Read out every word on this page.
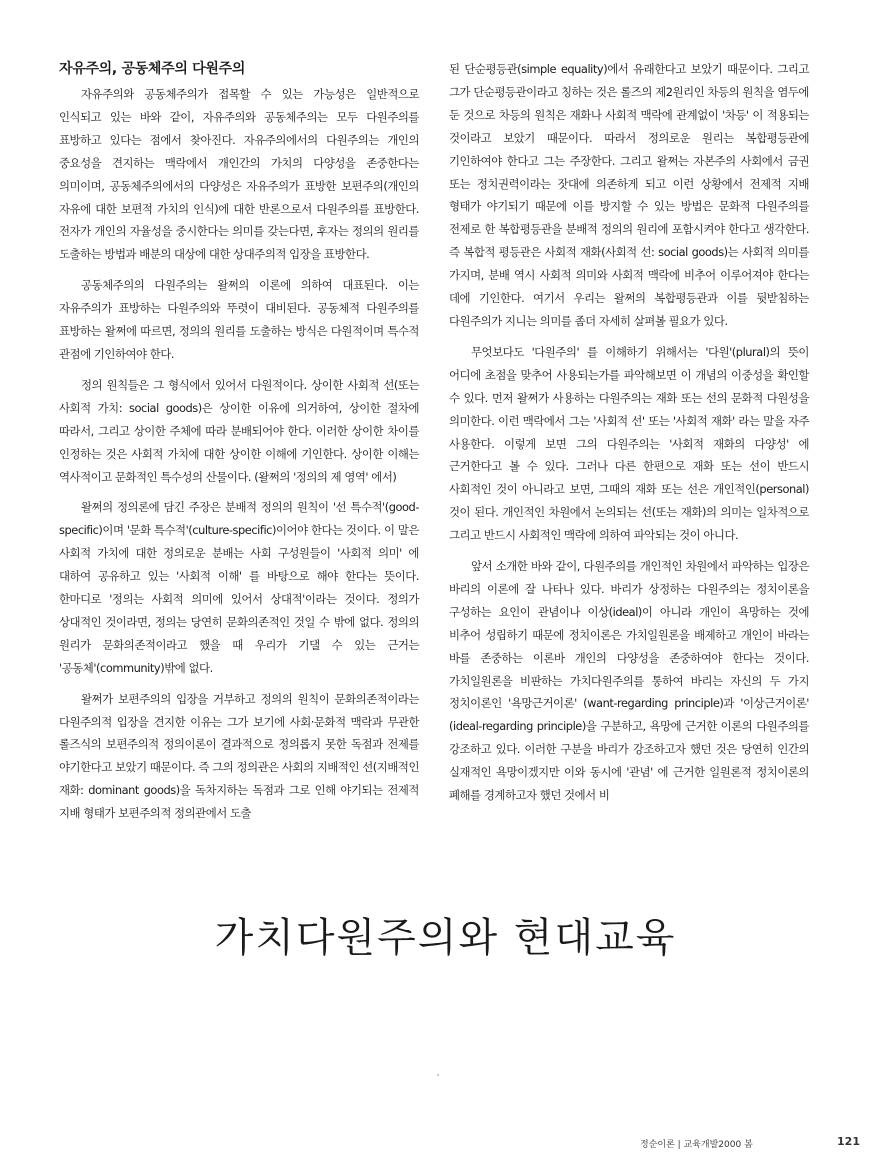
자유주의, 공동체주의 다원주의

자유주의와 공동체주의가 접목할 수 있는 가능성은 일반적으로 인식되고 있는 바와 같이, 자유주의와 공동체주의는 모두 다원주의를 표방하고 있다는 점에서 찾아진다. 자유주의에서의 다원주의는 개인의 중요성을 견지하는 맥락에서 개인간의 가치의 다양성을 존중한다는 의미이며, 공동체주의에서의 다양성은 자유주의가 표방한 보편주의(개인의 자유에 대한 보편적 가치의 인식)에 대한 반론으로서 다원주의를 표방한다. 전자가 개인의 자율성을 중시한다는 의미를 갖는다면, 후자는 정의의 원리를 도출하는 방법과 배분의 대상에 대한 상대주의적 입장을 표방한다.

공동체주의의 다원주의는 왈쩌의 이론에 의하여 대표된다. 이는 자유주의가 표방하는 다원주의와 뚜렷이 대비된다. 공동체적 다원주의를 표방하는 왈쩌에 따르면, 정의의 원리를 도출하는 방식은 다원적이며 특수적 관점에 기인하여야 한다.

정의 원칙들은 그 형식에서 있어서 다원적이다. 상이한 사회적 선(또는 사회적 가치: social goods)은 상이한 이유에 의거하여, 상이한 절차에 따라서, 그리고 상이한 주체에 따라 분배되어야 한다. 이러한 상이한 차이를 인정하는 것은 사회적 가치에 대한 상이한 이해에 기인한다. 상이한 이해는 역사적이고 문화적인 특수성의 산물이다. (왈쩌의 '정의의 제 영역' 에서)

왈쩌의 정의론에 담긴 주장은 분배적 정의의 원칙이 '선 특수적'(good-specific)이며 '문화 특수적'(culture-specific)이어야 한다는 것이다. 이 말은 사회적 가치에 대한 정의로운 분배는 사회 구성원들이 '사회적 의미' 에 대하여 공유하고 있는 '사회적 이해' 를 바탕으로 해야 한다는 뜻이다. 한마디로 '정의는 사회적 의미에 있어서 상대적'이라는 것이다. 정의가 상대적인 것이라면, 정의는 당연히 문화의존적인 것일 수 밖에 없다. 정의의 원리가 문화의존적이라고 했을 때 우리가 기댈 수 있는 근거는 '공동체'(community)밖에 없다.

왈쩌가 보편주의의 입장을 거부하고 정의의 원칙이 문화의존적이라는 다원주의적 입장을 견지한 이유는 그가 보기에 사회·문화적 맥락과 무관한 롤즈식의 보편주의적 정의이론이 결과적으로 정의롭지 못한 독점과 전제를 야기한다고 보았기 때문이다. 즉 그의 정의관은 사회의 지배적인 선(지배적인 재화: dominant goods)을 독차지하는 독점과 그로 인해 야기되는 전제적 지배 형태가 보편주의적 정의관에서 도출

된 단순평등관(simple equality)에서 유래한다고 보았기 때문이다. 그리고 그가 단순평등관이라고 칭하는 것은 롤즈의 제2원리인 차등의 원칙을 염두에 둔 것으로 차등의 원칙은 재화나 사회적 맥락에 관계없이 '차등' 이 적용되는 것이라고 보았기 때문이다. 따라서 정의로운 원리는 복합평등관에 기인하여야 한다고 그는 주장한다. 그리고 왈쩌는 자본주의 사회에서 금권 또는 정치권력이라는 잣대에 의존하게 되고 이런 상황에서 전제적 지배 형태가 야기되기 때문에 이를 방지할 수 있는 방법은 문화적 다원주의를 전제로 한 복합평등관을 분배적 정의의 원리에 포함시켜야 한다고 생각한다. 즉 복합적 평등관은 사회적 재화(사회적 선: social goods)는 사회적 의미를 가지며, 분배 역시 사회적 의미와 사회적 맥락에 비추어 이루어져야 한다는 데에 기인한다. 여기서 우리는 왈쩌의 복합평등관과 이를 뒷받침하는 다원주의가 지니는 의미를 좀더 자세히 살펴볼 필요가 있다.

무엇보다도 '다원주의' 를 이해하기 위해서는 '다원'(plural)의 뜻이 어디에 초점을 맞추어 사용되는가를 파악해보면 이 개념의 이중성을 확인할 수 있다. 먼저 왈쩌가 사용하는 다원주의는 재화 또는 선의 문화적 다원성을 의미한다. 이런 맥락에서 그는 '사회적 선' 또는 '사회적 재화' 라는 말을 자주 사용한다. 이렇게 보면 그의 다원주의는 '사회적 재화의 다양성' 에 근거한다고 볼 수 있다. 그러나 다른 한편으로 재화 또는 선이 반드시 사회적인 것이 아니라고 보면, 그때의 재화 또는 선은 개인적인(personal) 것이 된다. 개인적인 차원에서 논의되는 선(또는 재화)의 의미는 일차적으로 그리고 반드시 사회적인 맥락에 의하여 파악되는 것이 아니다.

앞서 소개한 바와 같이, 다원주의를 개인적인 차원에서 파악하는 입장은 바리의 이론에 잘 나타나 있다. 바리가 상정하는 다원주의는 정치이론을 구성하는 요인이 관념이나 이상(ideal)이 아니라 개인이 욕망하는 것에 비추어 성립하기 때문에 정치이론은 가치일원론을 배제하고 개인이 바라는 바를 존중하는 이론바 개인의 다양성을 존중하여야 한다는 것이다. 가치일원론을 비판하는 가치다원주의를 통하여 바리는 자신의 두 가지 정치이론인 '욕망근거이론' (want-regarding principle)과 '이상근거이론' (ideal-regarding principle)을 구분하고, 욕망에 근거한 이론의 다원주의를 강조하고 있다. 이러한 구분을 바리가 강조하고자 했던 것은 당연히 인간의 실재적인 욕망이겠지만 이와 동시에 '관념' 에 근거한 일원론적 정치이론의 폐해를 경계하고자 했던 것에서 비

가치다원주의와 현대교육
정순이론 | 교육개발2000 봄	121
